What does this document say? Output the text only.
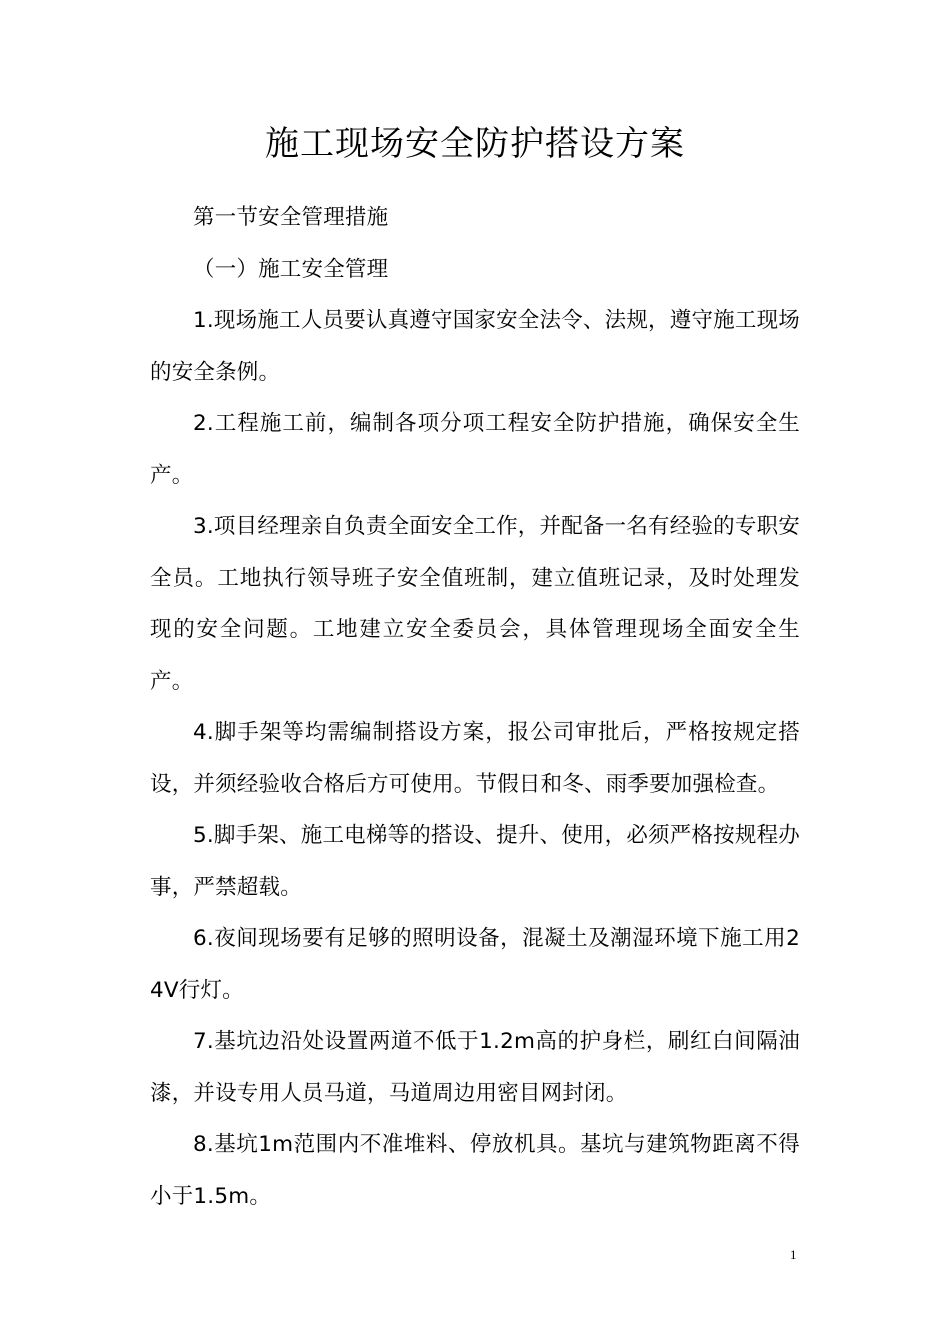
施工现场安全防护搭设方案

第一节安全管理措施

（一）施工安全管理

1.现场施工人员要认真遵守国家安全法令、法规，遵守施工现场的安全条例。

2.工程施工前，编制各项分项工程安全防护措施，确保安全生产。

3.项目经理亲自负责全面安全工作，并配备一名有经验的专职安全员。工地执行领导班子安全值班制，建立值班记录，及时处理发现的安全问题。工地建立安全委员会，具体管理现场全面安全生产。

4.脚手架等均需编制搭设方案，报公司审批后，严格按规定搭设，并须经验收合格后方可使用。节假日和冬、雨季要加强检查。

5.脚手架、施工电梯等的搭设、提升、使用，必须严格按规程办事，严禁超载。

6.夜间现场要有足够的照明设备，混凝土及潮湿环境下施工用24V行灯。

7.基坑边沿处设置两道不低于1.2m高的护身栏，刷红白间隔油漆，并设专用人员马道，马道周边用密目网封闭。

8.基坑1m范围内不准堆料、停放机具。基坑与建筑物距离不得小于1.5m。

1
